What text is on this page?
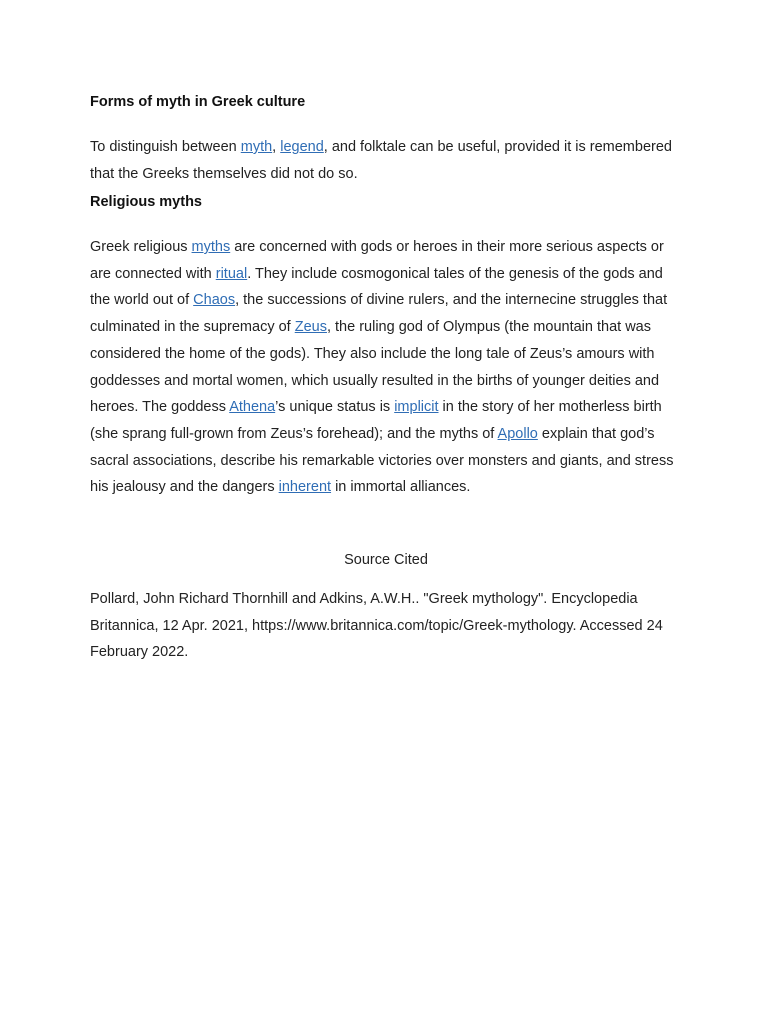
Forms of myth in Greek culture

To distinguish between myth, legend, and folktale can be useful, provided it is remembered that the Greeks themselves did not do so.

Religious myths

Greek religious myths are concerned with gods or heroes in their more serious aspects or are connected with ritual. They include cosmogonical tales of the genesis of the gods and the world out of Chaos, the successions of divine rulers, and the internecine struggles that culminated in the supremacy of Zeus, the ruling god of Olympus (the mountain that was considered the home of the gods). They also include the long tale of Zeus’s amours with goddesses and mortal women, which usually resulted in the births of younger deities and heroes. The goddess Athena’s unique status is implicit in the story of her motherless birth (she sprang full-grown from Zeus’s forehead); and the myths of Apollo explain that god’s sacral associations, describe his remarkable victories over monsters and giants, and stress his jealousy and the dangers inherent in immortal alliances.

Source Cited

Pollard, John Richard Thornhill and Adkins, A.W.H.. "Greek mythology". Encyclopedia Britannica, 12 Apr. 2021, https://www.britannica.com/topic/Greek-mythology. Accessed 24 February 2022.
